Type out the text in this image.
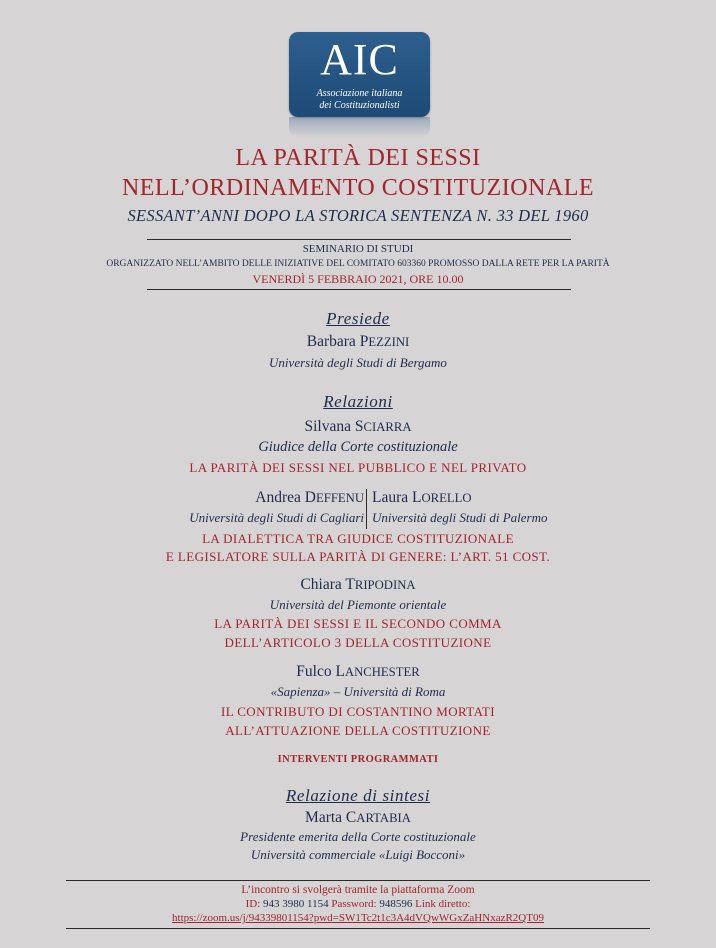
AIC
Associazione italiana
dei Costituzionalisti
LA PARITÀ DEI SESSI
NELL’ORDINAMENTO COSTITUZIONALE
SESSANT’ANNI DOPO LA STORICA SENTENZA N. 33 DEL 1960
SEMINARIO DI STUDI
ORGANIZZATO NELL’AMBITO DELLE INIZIATIVE DEL COMITATO 603360 PROMOSSO DALLA RETE PER LA PARITÀ
VENERDÌ 5 FEBBRAIO 2021, ORE 10.00
Presiede
Barbara PEZZINI
Università degli Studi di Bergamo
Relazioni
Silvana SCIARRA
Giudice della Corte costituzionale
LA PARITÀ DEI SESSI NEL PUBBLICO E NEL PRIVATO
Andrea DEFFENU
Università degli Studi di Cagliari
Laura LORELLO
Università degli Studi di Palermo
LA DIALETTICA TRA GIUDICE COSTITUZIONALE
E LEGISLATORE SULLA PARITÀ DI GENERE: L’ART. 51 COST.
Chiara TRIPODINA
Università del Piemonte orientale
LA PARITÀ DEI SESSI E IL SECONDO COMMA
DELL’ARTICOLO 3 DELLA COSTITUZIONE
Fulco LANCHESTER
«Sapienza» – Università di Roma
IL CONTRIBUTO DI COSTANTINO MORTATI
ALL’ATTUAZIONE DELLA COSTITUZIONE
INTERVENTI PROGRAMMATI
Relazione di sintesi
Marta CARTABIA
Presidente emerita della Corte costituzionale
Università commerciale «Luigi Bocconi»
L’incontro si svolgerà tramite la piattaforma Zoom
ID: 943 3980 1154 Password: 948596 Link diretto:
https://zoom.us/j/94339801154?pwd=SW1Tc2t1c3A4dVQwWGxZaHNxazR2QT09
